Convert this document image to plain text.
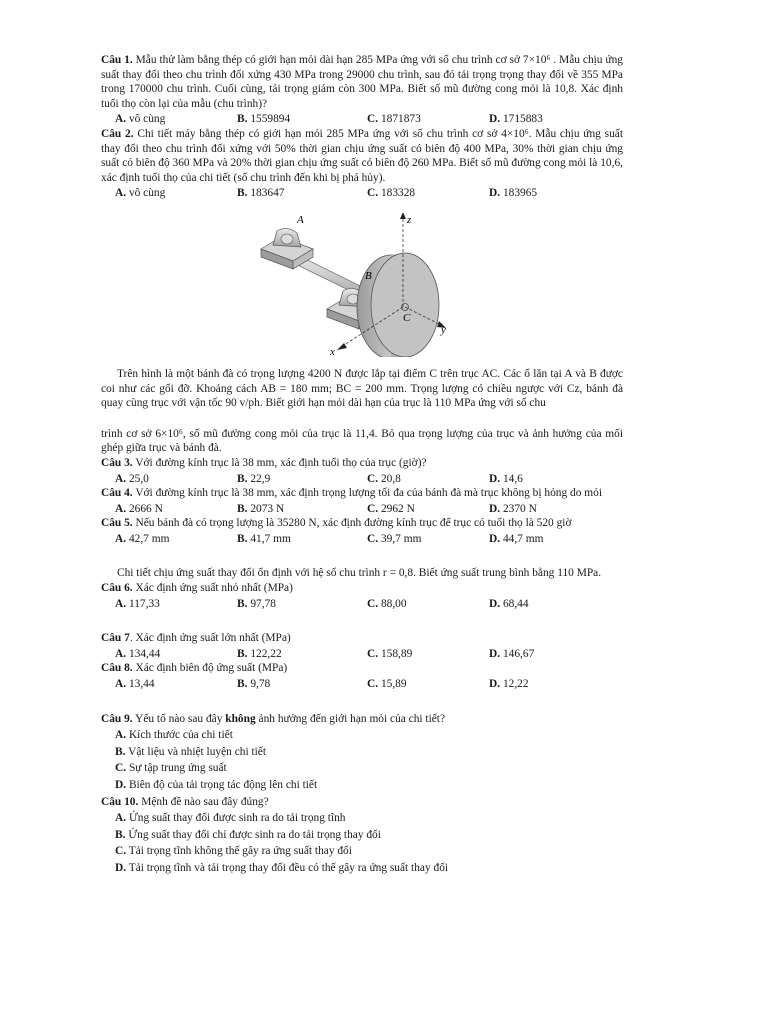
Câu 1. Mẫu thử làm bằng thép có giới hạn mỏi dài hạn 285 MPa ứng với số chu trình cơ sở 7×10⁶ . Mẫu chịu ứng suất thay đổi theo chu trình đối xứng 430 MPa trong 29000 chu trình, sau đó tải trọng trọng thay đổi về 355 MPa trong 170000 chu trình. Cuối cùng, tải trọng giảm còn 300 MPa. Biết số mũ đường cong mỏi là 10,8. Xác định tuổi thọ còn lại của mẫu (chu trình)?

A. vô cùng	B. 1559894	C. 1871873	D. 1715883

Câu 2. Chi tiết máy bằng thép có giới hạn mỏi 285 MPa ứng với số chu trình cơ sở 4×10⁶. Mẫu chịu ứng suất thay đổi theo chu trình đối xứng với 50% thời gian chịu ứng suất có biên độ 400 MPa, 30% thời gian chịu ứng suất có biên độ 360 MPa và 20% thời gian chịu ứng suất có biên độ 260 MPa. Biết số mũ đường cong mỏi là 10,6, xác định tuổi thọ của chi tiết (số chu trình đến khi bị phá hủy).

A. vô cùng	B. 183647	C. 183328	D. 183965
A
B
C
z
y
x

Trên hình là một bánh đà có trọng lượng 4200 N được lắp tại điểm C trên trục AC. Các ổ lăn tại A và B được coi như các gối đỡ. Khoảng cách AB = 180 mm; BC = 200 mm. Trọng lượng có chiều ngược với Cz, bánh đà quay cùng trục với vận tốc 90 v/ph. Biết giới hạn mỏi dài hạn của trục là 110 MPa ứng với số chu

trình cơ sở 6×10⁶, số mũ đường cong mỏi của trục là 11,4. Bỏ qua trọng lượng của trục và ảnh hưởng của mối ghép giữa trục và bánh đà.

Câu 3. Với đường kính trục là 38 mm, xác định tuổi thọ của trục (giờ)?

A. 25,0	B. 22,9	C. 20,8	D. 14,6

Câu 4. Với đường kính trục là 38 mm, xác định trọng lượng tối đa của bánh đà mà trục không bị hỏng do mỏi

A. 2666 N	B. 2073 N	C. 2962 N	D. 2370 N

Câu 5. Nếu bánh đà có trọng lượng là 35280 N, xác định đường kính trục để trục có tuổi thọ là 520 giờ

A. 42,7 mm	B. 41,7 mm	C. 39,7 mm	D. 44,7 mm

Chi tiết chịu ứng suất thay đổi ổn định với hệ số chu trình r = 0,8. Biết ứng suất trung bình bằng 110 MPa.

Câu 6. Xác định ứng suất nhỏ nhất (MPa)

A. 117,33	B. 97,78	C. 88,00	D. 68,44

Câu 7. Xác định ứng suất lớn nhất (MPa)

A. 134,44	B. 122,22	C. 158,89	D. 146,67

Câu 8. Xác định biên độ ứng suất (MPa)

A. 13,44	B. 9,78	C. 15,89	D. 12,22

Câu 9. Yếu tố nào sau đây không ảnh hưởng đến giới hạn mỏi của chi tiết?

A. Kích thước của chi tiết

B. Vật liệu và nhiệt luyện chi tiết

C. Sự tập trung ứng suất

D. Biên độ của tải trọng tác động lên chi tiết

Câu 10. Mệnh đề nào sau đây đúng?

A. Ứng suất thay đổi được sinh ra do tải trọng tĩnh

B. Ứng suất thay đổi chỉ được sinh ra do tải trọng thay đổi

C. Tải trọng tĩnh không thể gây ra ứng suất thay đổi

D. Tải trọng tĩnh và tải trọng thay đổi đều có thể gây ra ứng suất thay đổi
